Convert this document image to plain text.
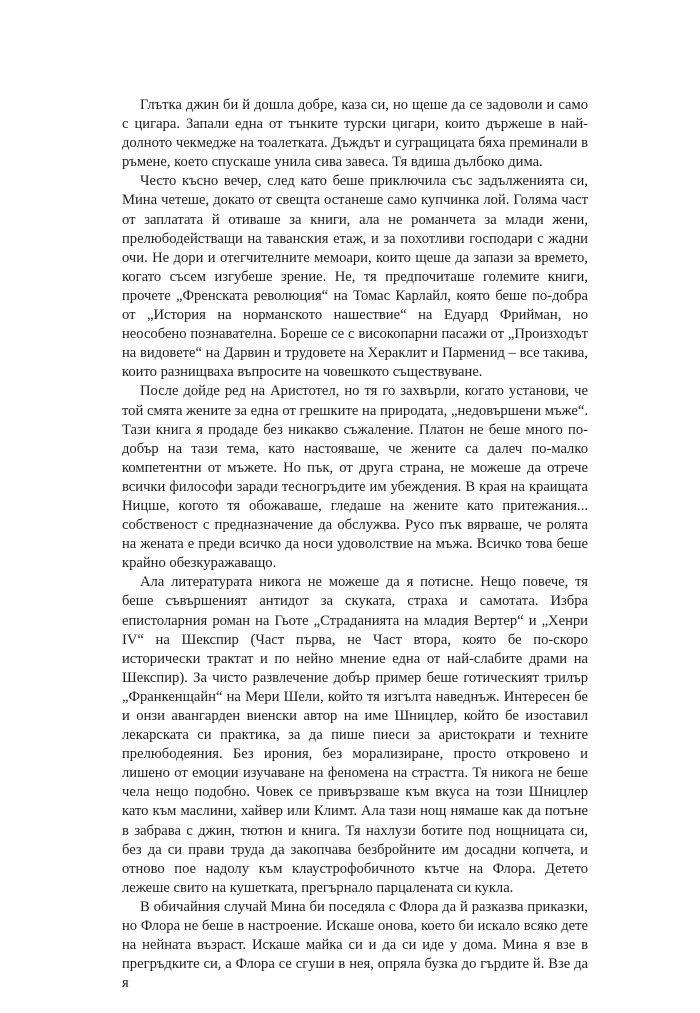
Глътка джин би й дошла добре, каза си, но щеше да се задоволи и само с цигара. Запали една от тънките турски цигари, които държеше в най-долното чекмедже на тоалетката. Дъждът и сугращицата бяха преминали в ръмене, което спускаше унила сива завеса. Тя вдиша дълбоко дима.

Често късно вечер, след като беше приключила със задълженията си, Мина четеше, докато от свещта останеше само купчинка лой. Голяма част от заплатата й отиваше за книги, ала не романчета за млади жени, прелюбодействащи на таванския етаж, и за похотливи господари с жадни очи. Не дори и отегчителните мемоари, които щеше да запази за времето, когато съсем изгубеше зрение. Не, тя предпочиташе големите книги, прочете „Френската революция“ на Томас Карлайл, която беше по-добра от „История на норманското нашествие“ на Едуард Фрийман, но неособено познавателна. Бореше се с високопарни пасажи от „Произходът на видовете“ на Дарвин и трудовете на Хераклит и Парменид – все такива, които разнищваха въпросите на човешкото съществуване.

После дойде ред на Аристотел, но тя го захвърли, когато установи, че той смята жените за една от грешките на природата, „недовършени мъже“. Тази книга я продаде без никакво съжаление. Платон не беше много по-добър на тази тема, като настояваше, че жените са далеч по-малко компетентни от мъжете. Но пък, от друга страна, не можеше да отрече всички философи заради тесногръдите им убеждения. В края на краищата Ницше, когото тя обожаваше, гледаше на жените като притежания... собственост с предназначение да обслужва. Русо пък вярваше, че ролята на жената е преди всичко да носи удоволствие на мъжа. Всичко това беше крайно обезкуражаващо.

Ала литературата никога не можеше да я потисне. Нещо повече, тя беше съвършеният антидот за скуката, страха и самотата. Избра епистоларния роман на Гьоте „Страданията на младия Вертер“ и „Хенри IV“ на Шекспир (Част първа, не Част втора, която бе по-скоро исторически трактат и по нейно мнение една от най-слабите драми на Шекспир). За чисто развлечение добър пример беше готическият трилър „Франкенщайн“ на Мери Шели, който тя изгълта наведнъж. Интересен бе и онзи авангарден виенски автор на име Шницлер, който бе изоставил лекарската си практика, за да пише пиеси за аристократи и техните прелюбодеяния. Без ирония, без морализиране, просто откровено и лишено от емоции изучаване на феномена на страстта. Тя никога не беше чела нещо подобно. Човек се привързваше към вкуса на този Шницлер като към маслини, хайвер или Климт. Ала тази нощ нямаше как да потъне в забрава с джин, тютюн и книга. Тя нахлузи ботите под нощницата си, без да си прави труда да закопчава безбройните им досадни копчета, и отново пое надолу към клаустрофобичното кътче на Флора. Детето лежеше свито на кушетката, прегърнало парцалената си кукла.

В обичайния случай Мина би поседяла с Флора да й разказва приказки, но Флора не беше в настроение. Искаше онова, което би искало всяко дете на нейната възраст. Искаше майка си и да си иде у дома. Мина я взе в прегръдките си, а Флора се сгуши в нея, опряла бузка до гърдите й. Взе да я
